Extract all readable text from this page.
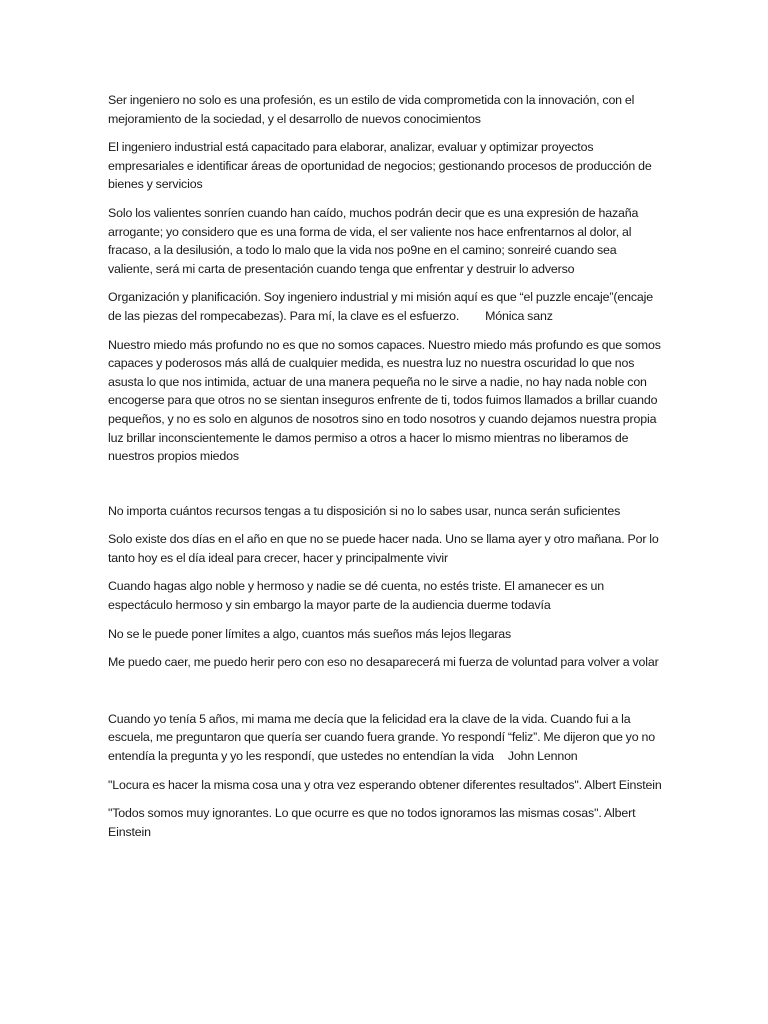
Ser ingeniero no solo es una profesión, es un estilo de vida comprometida con la innovación, con el mejoramiento de la sociedad, y el desarrollo de nuevos conocimientos

El ingeniero industrial está capacitado para elaborar, analizar, evaluar y optimizar proyectos empresariales e identificar áreas de oportunidad de negocios; gestionando procesos de producción de bienes y servicios

Solo los valientes sonríen cuando han caído, muchos podrán decir que es una expresión de hazaña arrogante; yo considero que es una forma de vida, el ser valiente nos hace enfrentarnos al dolor, al fracaso, a la desilusión, a todo lo malo que la vida nos po9ne en el camino; sonreiré cuando sea valiente, será mi carta de presentación cuando tenga que enfrentar y destruir lo adverso

Organización y planificación. Soy ingeniero industrial y mi misión aquí es que “el puzzle encaje”(encaje de las piezas del rompecabezas). Para mí, la clave es el esfuerzo. Mónica sanz

Nuestro miedo más profundo no es que no somos capaces. Nuestro miedo más profundo es que somos capaces y poderosos más allá de cualquier medida, es nuestra luz no nuestra oscuridad lo que nos asusta lo que nos intimida, actuar de una manera pequeña no le sirve a nadie, no hay nada noble con encogerse para que otros no se sientan inseguros enfrente de ti, todos fuimos llamados a brillar cuando pequeños, y no es solo en algunos de nosotros sino en todo nosotros y cuando dejamos nuestra propia luz brillar inconscientemente le damos permiso a otros a hacer lo mismo mientras no liberamos de nuestros propios miedos

No importa cuántos recursos tengas a tu disposición si no lo sabes usar, nunca serán suficientes

Solo existe dos días en el año en que no se puede hacer nada. Uno se llama ayer y otro mañana. Por lo tanto hoy es el día ideal para crecer, hacer y principalmente vivir

Cuando hagas algo noble y hermoso y nadie se dé cuenta, no estés triste. El amanecer es un espectáculo hermoso y sin embargo la mayor parte de la audiencia duerme todavía

No se le puede poner límites a algo, cuantos más sueños más lejos llegaras

Me puedo caer, me puedo herir pero con eso no desaparecerá mi fuerza de voluntad para volver a volar

Cuando yo tenía 5 años, mi mama me decía que la felicidad era la clave de la vida. Cuando fui a la escuela, me preguntaron que quería ser cuando fuera grande. Yo respondí “feliz”. Me dijeron que yo no entendía la pregunta y yo les respondí, que ustedes no entendían la vida John Lennon

"Locura es hacer la misma cosa una y otra vez esperando obtener diferentes resultados". Albert Einstein

"Todos somos muy ignorantes. Lo que ocurre es que no todos ignoramos las mismas cosas". Albert Einstein
